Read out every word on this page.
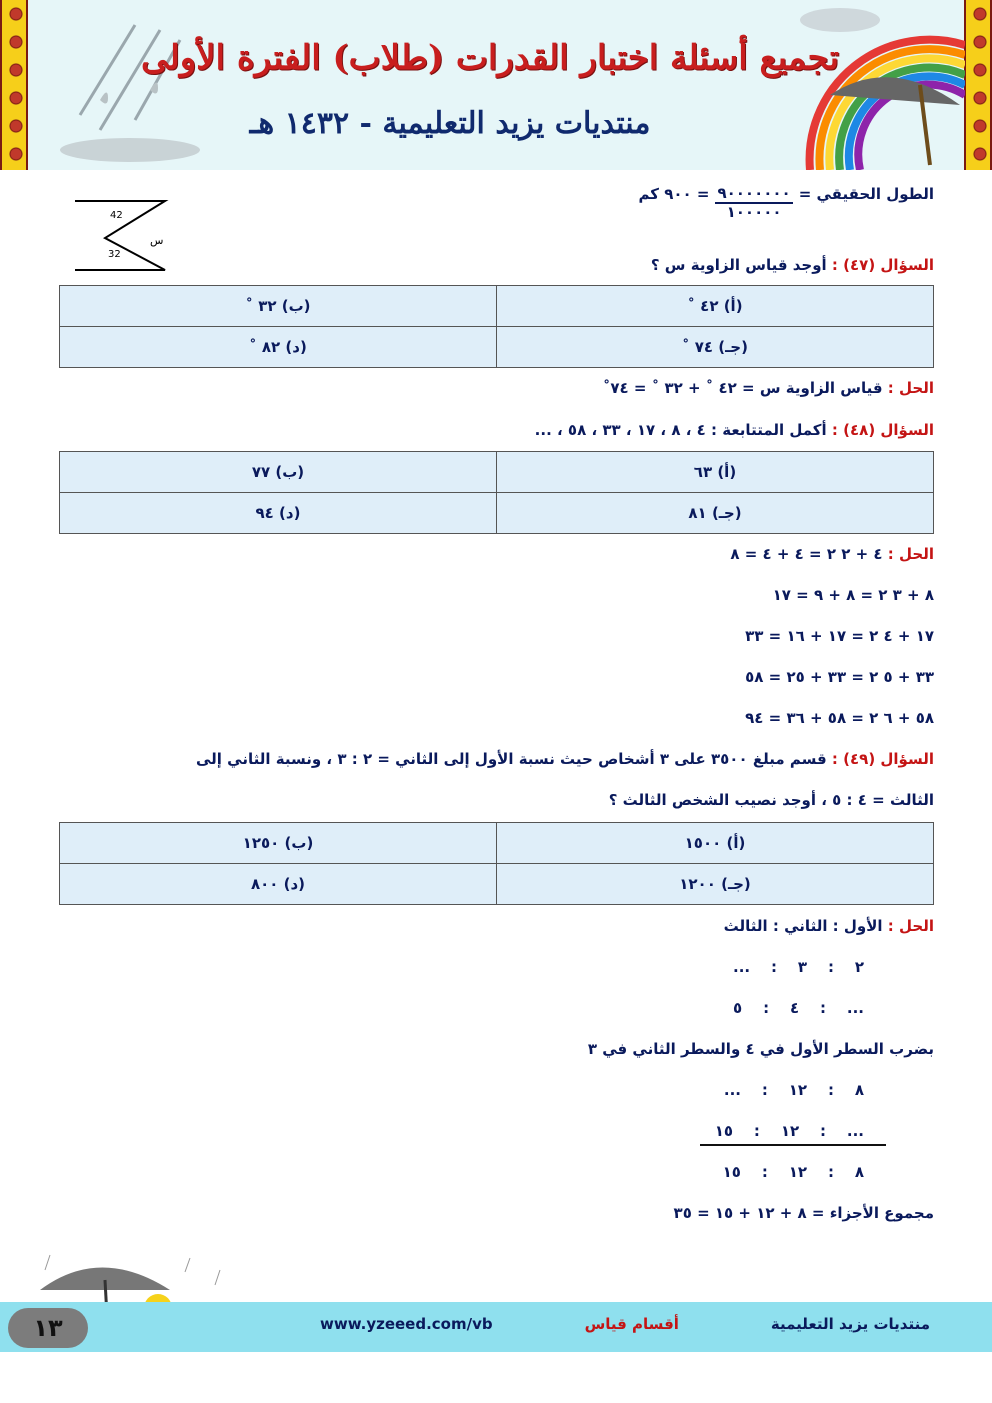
تجميع أسئلة اختبار القدرات (طلاب) الفترة الأولى
منتديات يزيد التعليمية - ١٤٣٢ هـ
الطول الحقيقي =
٩٠٠٠٠٠٠٠
١٠٠٠٠٠
= ٩٠٠ كم
42
32
س
السؤال (٤٧) : أوجد قياس الزاوية س ؟
(أ) ٤٢ ˚	(ب) ٣٢ ˚
(جـ) ٧٤ ˚	(د) ٨٢ ˚
الحل : قياس الزاوية س = ٤٢ ˚ + ٣٢ ˚ = ٧٤˚
السؤال (٤٨) : أكمل المتتابعة : ٤ ، ٨ ، ١٧ ، ٣٣ ، ٥٨ ، ...
(أ) ٦٣	(ب) ٧٧
(جـ) ٨١	(د) ٩٤
الحل : ٤ + ٢ ٢ = ٤ + ٤ = ٨
٨ + ٣ ٢ = ٨ + ٩ = ١٧
١٧ + ٤ ٢ = ١٧ + ١٦ = ٣٣
٣٣ + ٥ ٢ = ٣٣ + ٢٥ = ٥٨
٥٨ + ٦ ٢ = ٥٨ + ٣٦ = ٩٤
السؤال (٤٩) : قسم مبلغ ٣٥٠٠ على ٣ أشخاص حيث نسبة الأول إلى الثاني = ٢ : ٣ ، ونسبة الثاني إلى
الثالث = ٤ : ٥ ، أوجد نصيب الشخص الثالث ؟
(أ) ١٥٠٠	(ب) ١٢٥٠
(جـ) ١٢٠٠	(د) ٨٠٠
الحل : الأول : الثاني : الثالث
٢    :    ٣    :    ...
...    :    ٤    :    ٥
بضرب السطر الأول في ٤ والسطر الثاني في ٣
٨    :    ١٢    :    ...
...    :    ١٢    :    ١٥
٨    :    ١٢    :    ١٥
مجموع الأجزاء = ٨ + ١٢ + ١٥ = ٣٥
١٣	منتديات يزيد التعليمية
أقسام قياس
www.yzeeed.com/vb
